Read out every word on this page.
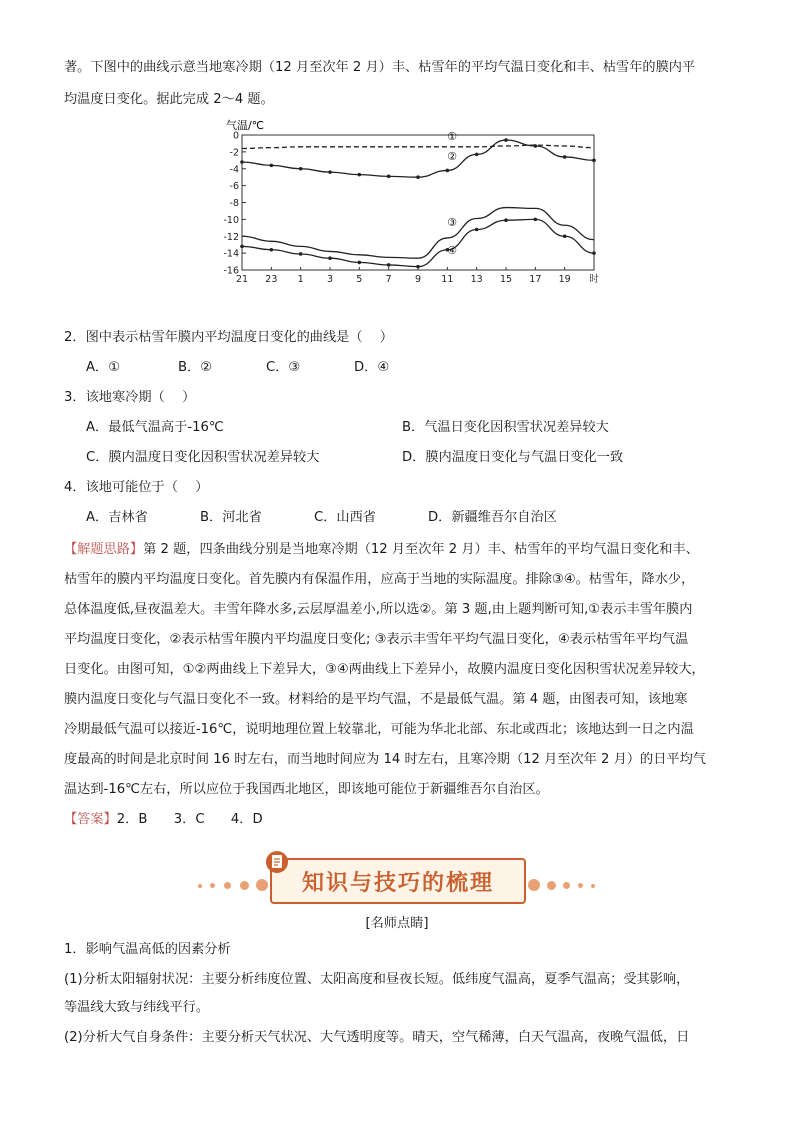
著。下图中的曲线示意当地寒冷期（12 月至次年 2 月）丰、枯雪年的平均气温日变化和丰、枯雪年的膜内平
均温度日变化。据此完成 2～4 题。
气温/℃
0
-2
-4
-6
-8
-10
-12
-14
-16
21 23 1 3 5 7 9 11 13 15 17 19 时
①
②
③
④
2．图中表示枯雪年膜内平均温度日变化的曲线是（　 ）
A．①	B．②	C．③	D．④
3．该地寒冷期（　 ）
A．最低气温高于-16℃	B．气温日变化因积雪状况差异较大
C．膜内温度日变化因积雪状况差异较大	D．膜内温度日变化与气温日变化一致
4．该地可能位于（　 ）
A．吉林省	B．河北省	C．山西省	D．新疆维吾尔自治区
【解题思路】第 2 题，四条曲线分别是当地寒冷期（12 月至次年 2 月）丰、枯雪年的平均气温日变化和丰、
枯雪年的膜内平均温度日变化。首先膜内有保温作用，应高于当地的实际温度。排除③④。枯雪年，降水少，
总体温度低,昼夜温差大。丰雪年降水多,云层厚温差小,所以选②。第 3 题,由上题判断可知,①表示丰雪年膜内
平均温度日变化，②表示枯雪年膜内平均温度日变化; ③表示丰雪年平均气温日变化，④表示枯雪年平均气温
日变化。由图可知，①②两曲线上下差异大，③④两曲线上下差异小，故膜内温度日变化因积雪状况差异较大，
膜内温度日变化与气温日变化不一致。材料给的是平均气温，不是最低气温。第 4 题，由图表可知，该地寒
冷期最低气温可以接近-16℃，说明地理位置上较靠北，可能为华北北部、东北或西北；该地达到一日之内温
度最高的时间是北京时间 16 时左右，而当地时间应为 14 时左右，且寒冷期（12 月至次年 2 月）的日平均气
温达到-16℃左右，所以应位于我国西北地区，即该地可能位于新疆维吾尔自治区。
【答案】2．B　　3．C　　4．D
知识与技巧的梳理
[名师点睛]
1．影响气温高低的因素分析
(1)分析太阳辐射状况：主要分析纬度位置、太阳高度和昼夜长短。低纬度气温高，夏季气温高；受其影响，
等温线大致与纬线平行。
(2)分析大气自身条件：主要分析天气状况、大气透明度等。晴天，空气稀薄，白天气温高，夜晚气温低，日
